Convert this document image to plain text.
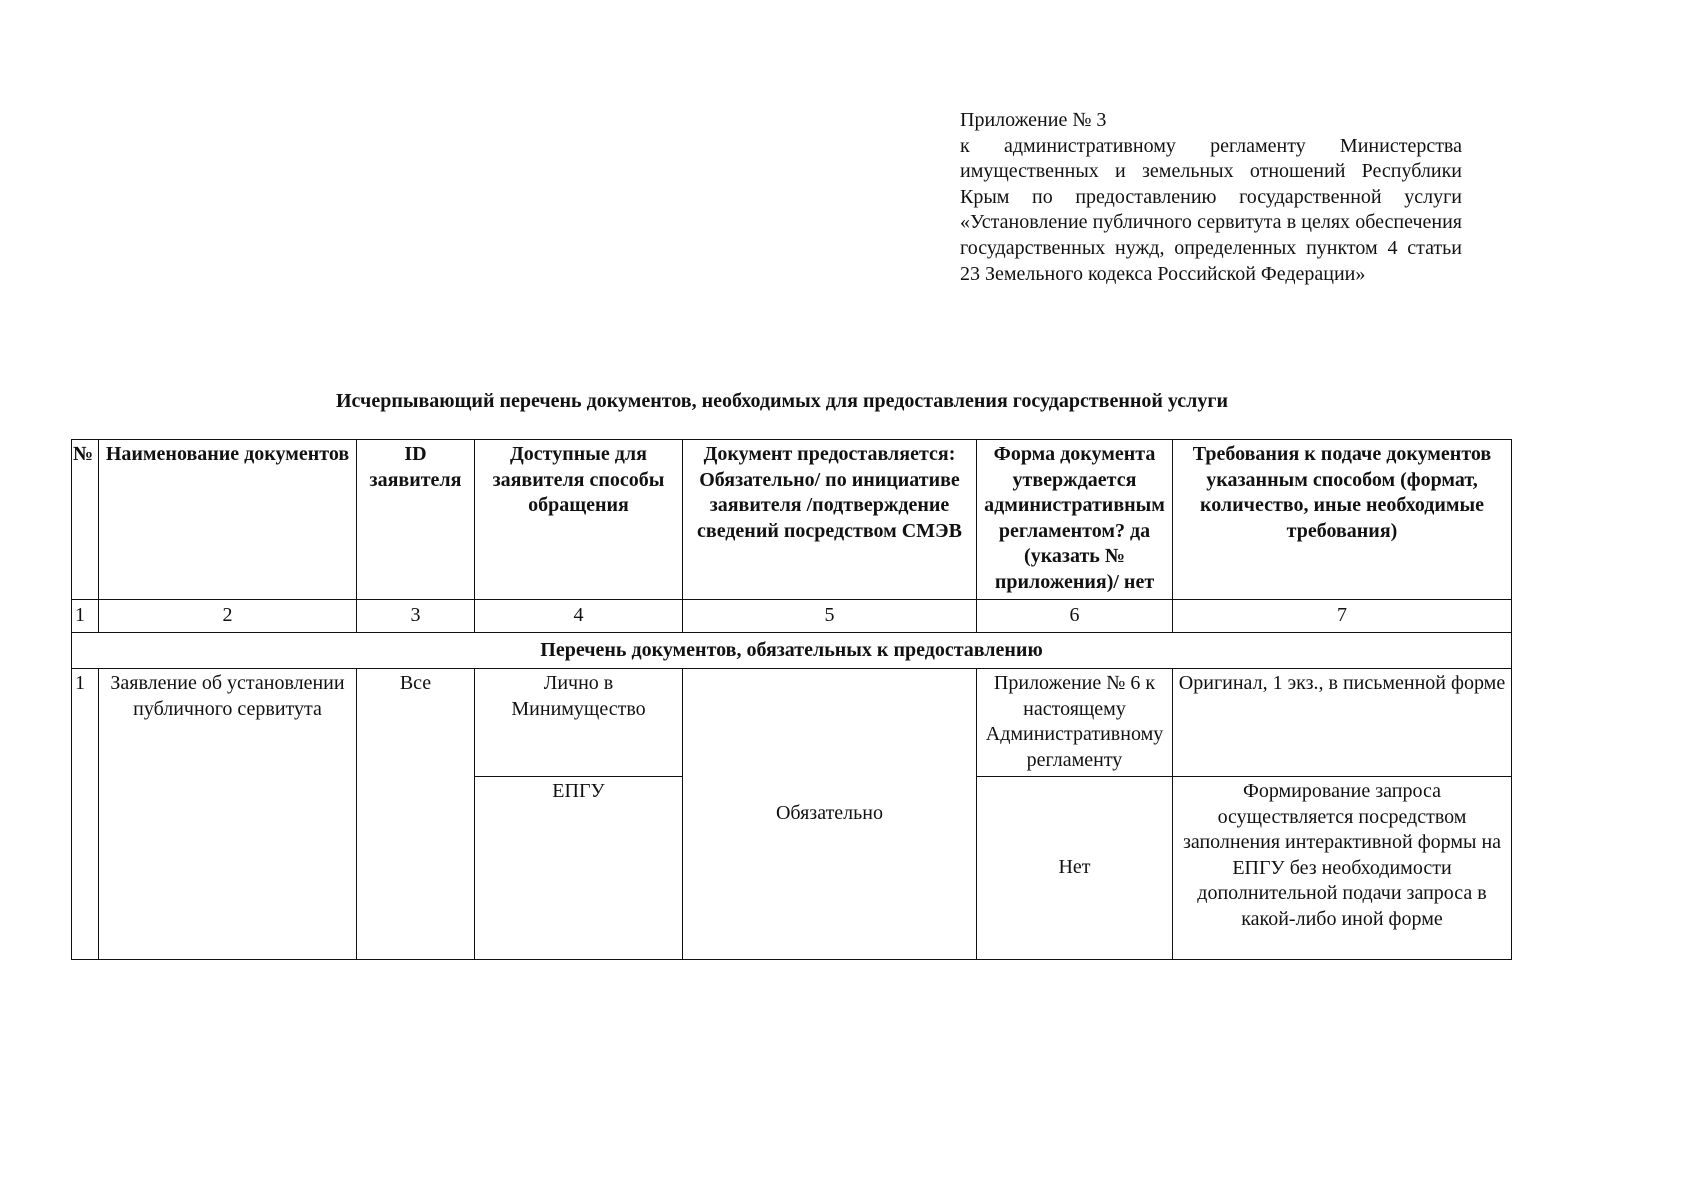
Приложение № 3
к административному регламенту Министерства имущественных и земельных отношений Республики Крым по предоставлению государственной услуги «Установление публичного сервитута в целях обеспечения государственных нужд, определенных пунктом 4 статьи 23 Земельного кодекса Российской Федерации»
Исчерпывающий перечень документов, необходимых для предоставления государственной услуги
№	Наименование документов	ID заявителя	Доступные для заявителя способы обращения	Документ предоставляется: Обязательно/ по инициативе заявителя /подтверждение сведений посредством СМЭВ	Форма документа утверждается административным регламентом? да (указать № приложения)/ нет	Требования к подаче документов указанным способом (формат, количество, иные необходимые требования)
1	2	3	4	5	6	7
Перечень документов, обязательных к предоставлению						
1	Заявление об установлении публичного сервитута	Все	Лично в Минимущество	Обязательно	Приложение № 6 к настоящему Административному регламенту	Оригинал, 1 экз., в письменной форме
			ЕПГУ		Нет	Формирование запроса осуществляется посредством заполнения интерактивной формы на ЕПГУ без необходимости дополнительной подачи запроса в какой-либо иной форме
